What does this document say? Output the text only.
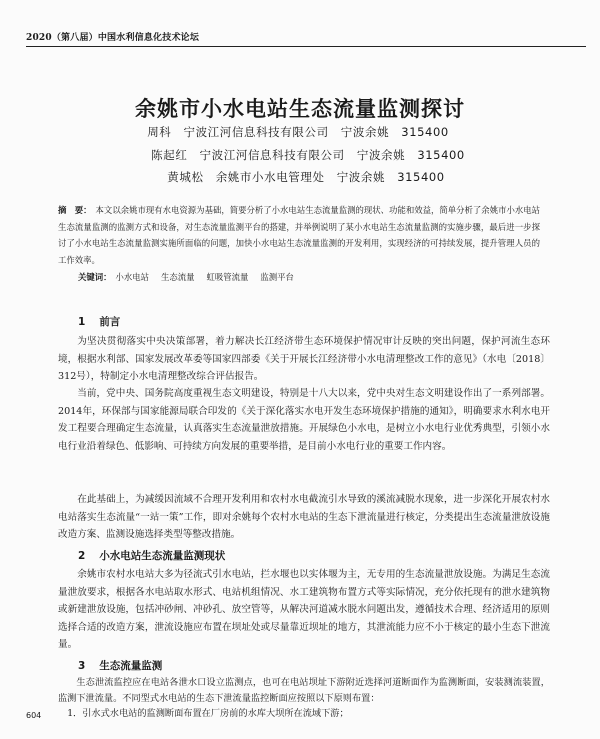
2020（第八届）中国水利信息化技术论坛
余姚市小水电站生态流量监测探讨
周科　宁波江河信息科技有限公司　宁波余姚　315400
陈起红　宁波江河信息科技有限公司　宁波余姚　315400
黄城松　余姚市小水电管理处　宁波余姚　315400
摘　要： 本文以余姚市现有水电资源为基础，简要分析了小水电站生态流量监测的现状、功能和效益，简单分析了余姚市小水电站生态流量监测的监测方式和设备，对生态流量监测平台的搭建，并举例说明了某小水电站生态流量监测的实施步骤，最后进一步探讨了小水电站生态流量监测实施所面临的问题，加快小水电站生态流量监测的开发利用，实现经济的可持续发展，提升管理人员的工作效率。
关键词： 小水电站 生态流量 虹吸管流量 监测平台
1 前言
为坚决贯彻落实中央决策部署，着力解决长江经济带生态环境保护情况审计反映的突出问题，保护河流生态环境，根据水利部、国家发展改革委等国家四部委《关于开展长江经济带小水电清理整改工作的意见》（水电〔2018〕312号），特制定小水电清理整改综合评估报告。
当前，党中央、国务院高度重视生态文明建设，特别是十八大以来，党中央对生态文明建设作出了一系列部署。2014年，环保部与国家能源局联合印发的《关于深化落实水电开发生态环境保护措施的通知》，明确要求水利水电开发工程要合理确定生态流量，认真落实生态流量泄放措施。开展绿色小水电，是树立小水电行业优秀典型，引领小水电行业沿着绿色、低影响、可持续方向发展的重要举措，是目前小水电行业的重要工作内容。
在此基础上，为减缓因流域不合理开发利用和农村水电截流引水导致的溪流减脱水现象，进一步深化开展农村水电站落实生态流量“一站一策”工作，即对余姚每个农村水电站的生态下泄流量进行核定，分类提出生态流量泄放设施改造方案、监测设施选择类型等整改措施。
2 小水电站生态流量监测现状
余姚市农村水电站大多为径流式引水电站，拦水堰也以实体堰为主，无专用的生态流量泄放设施。为满足生态流量泄放要求，根据各水电站取水形式、电站机组情况、水工建筑物布置方式等实际情况，充分依托现有的泄水建筑物或新建泄放设施，包括冲砂闸、冲砂孔、放空管等，从解决河道减水脱水问题出发，遵循技术合理、经济适用的原则选择合适的改造方案，泄流设施应布置在坝址处或尽量靠近坝址的地方，其泄流能力应不小于核定的最小生态下泄流量。
3 生态流量监测
生态泄流监控应在电站各泄水口设立监测点，也可在电站坝址下游附近选择河道断面作为监测断面，安装测流装置，监测下泄流量。不同型式水电站的生态下泄流量监控断面应按照以下原则布置：
1．引水式水电站的监测断面布置在厂房前的水库大坝所在流域下游；
604
